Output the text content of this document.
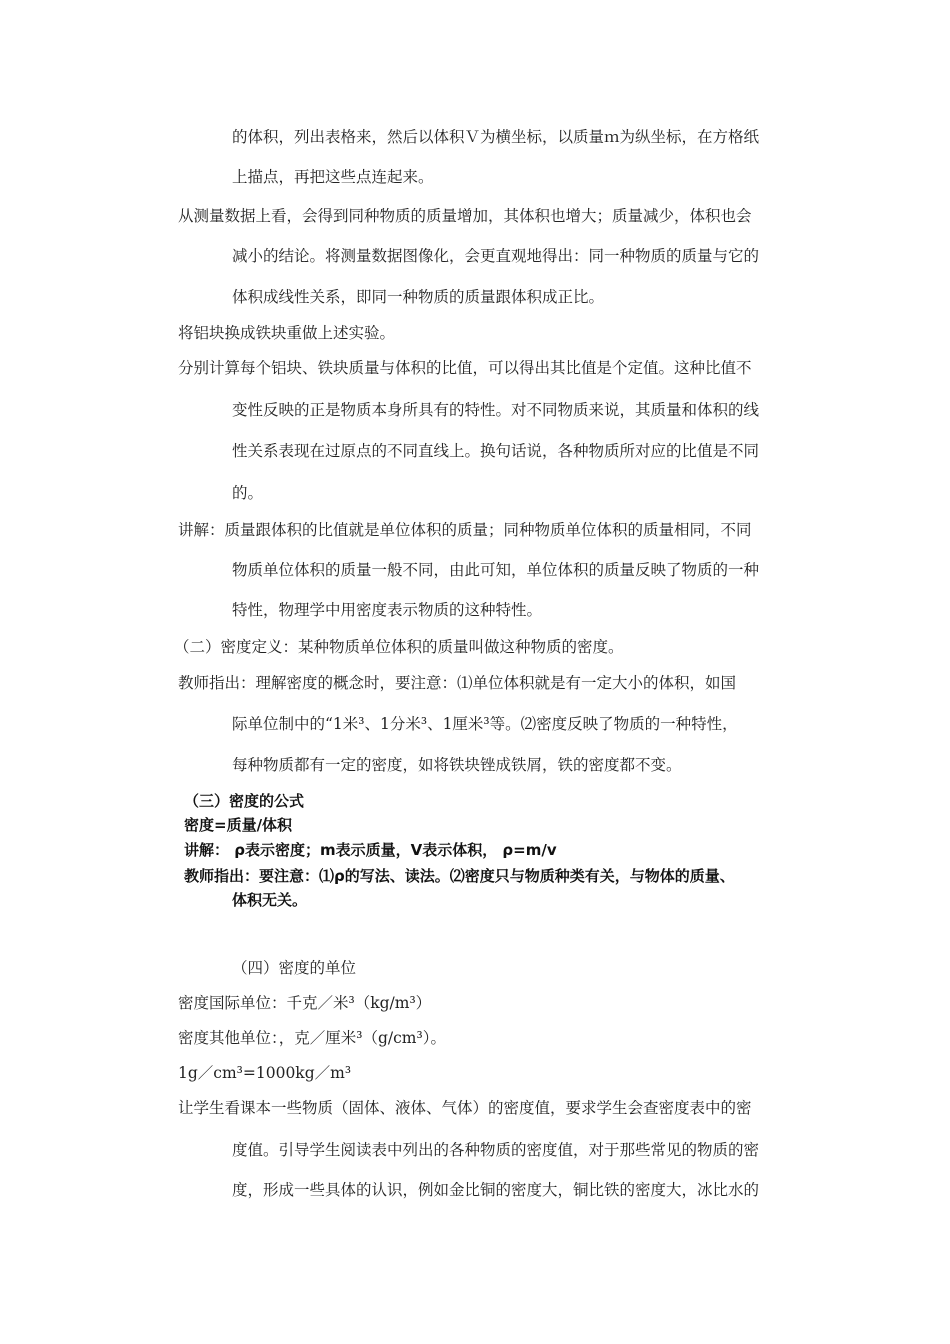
的体积，列出表格来，然后以体积Ｖ为横坐标，以质量ｍ为纵坐标，在方格纸
上描点，再把这些点连起来。
从测量数据上看，会得到同种物质的质量增加，其体积也增大；质量减少，体积也会
减小的结论。将测量数据图像化，会更直观地得出：同一种物质的质量与它的
体积成线性关系，即同一种物质的质量跟体积成正比。
将铝块换成铁块重做上述实验。
分别计算每个铝块、铁块质量与体积的比值，可以得出其比值是个定值。这种比值不
变性反映的正是物质本身所具有的特性。对不同物质来说，其质量和体积的线
性关系表现在过原点的不同直线上。换句话说，各种物质所对应的比值是不同
的。
讲解：质量跟体积的比值就是单位体积的质量；同种物质单位体积的质量相同，不同
物质单位体积的质量一般不同，由此可知，单位体积的质量反映了物质的一种
特性，物理学中用密度表示物质的这种特性。
（二）密度定义：某种物质单位体积的质量叫做这种物质的密度。
教师指出：理解密度的概念时，要注意：⑴单位体积就是有一定大小的体积，如国
际单位制中的“1米³、1分米³、1厘米³等。⑵密度反映了物质的一种特性，
每种物质都有一定的密度，如将铁块锉成铁屑，铁的密度都不变。
（三）密度的公式
密度=质量/体积
讲解： ρ表示密度；m表示质量，V表示体积， ρ=m/v
教师指出：要注意：⑴ρ的写法、读法。⑵密度只与物质种类有关，与物体的质量、
体积无关。
（四）密度的单位
密度国际单位：千克／米³（kg/m³）
密度其他单位：，克／厘米³（g/cm³）。
1g／cm³=1000kg／m³
让学生看课本一些物质（固体、液体、气体）的密度值，要求学生会查密度表中的密
度值。引导学生阅读表中列出的各种物质的密度值，对于那些常见的物质的密
度，形成一些具体的认识，例如金比铜的密度大，铜比铁的密度大，冰比水的
